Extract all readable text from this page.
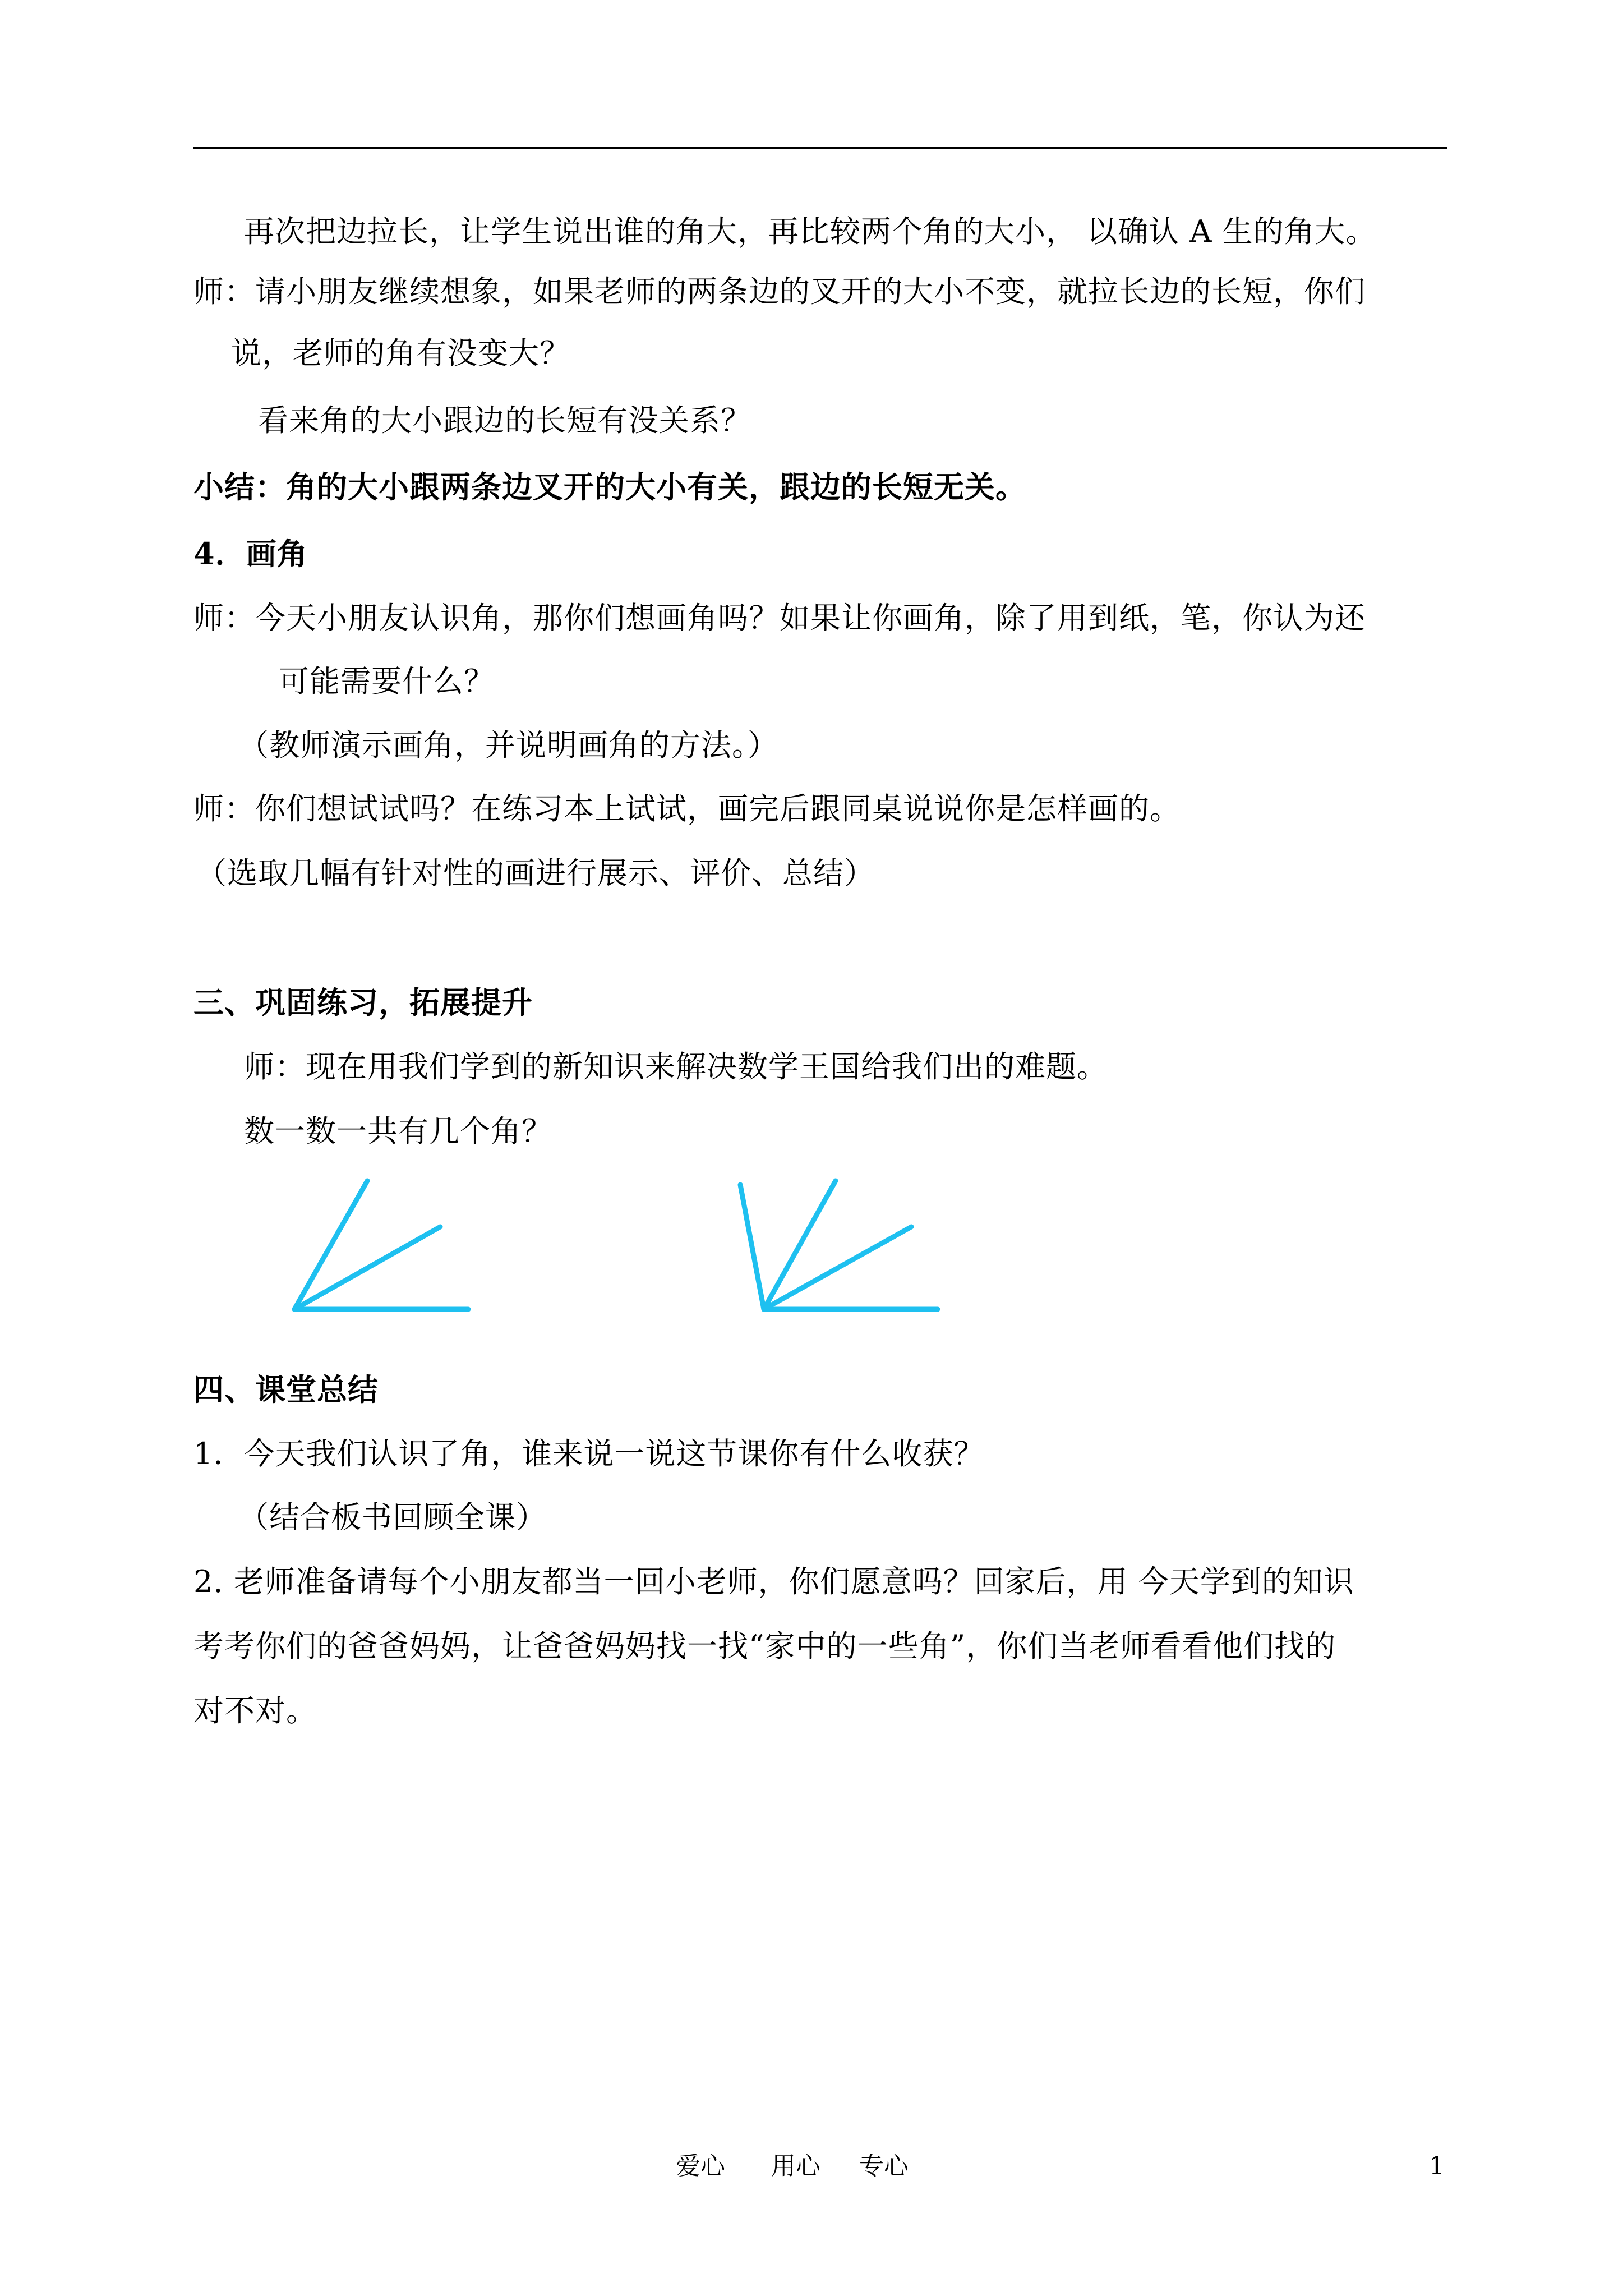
再次把边拉长，让学生说出谁的角大，再比较两个角的大小， 以确认 A 生的角大。
师：请小朋友继续想象，如果老师的两条边的叉开的大小不变，就拉长边的长短，你们
说，老师的角有没变大？
看来角的大小跟边的长短有没关系？
小结：角的大小跟两条边叉开的大小有关，跟边的长短无关。
4．画角
师：今天小朋友认识角，那你们想画角吗？如果让你画角，除了用到纸，笔，你认为还
可能需要什么？
（教师演示画角，并说明画角的方法。）
师：你们想试试吗？在练习本上试试，画完后跟同桌说说你是怎样画的。
（选取几幅有针对性的画进行展示、评价、总结）
三、巩固练习，拓展提升
师：现在用我们学到的新知识来解决数学王国给我们出的难题。
数一数一共有几个角？
四、课堂总结
1．今天我们认识了角，谁来说一说这节课你有什么收获？
（结合板书回顾全课）
2. 老师准备请每个小朋友都当一回小老师，你们愿意吗？回家后，用 今天学到的知识
考考你们的爸爸妈妈，让爸爸妈妈找一找“家中的一些角”，你们当老师看看他们找的
对不对。
爱心 用心 专心	1
